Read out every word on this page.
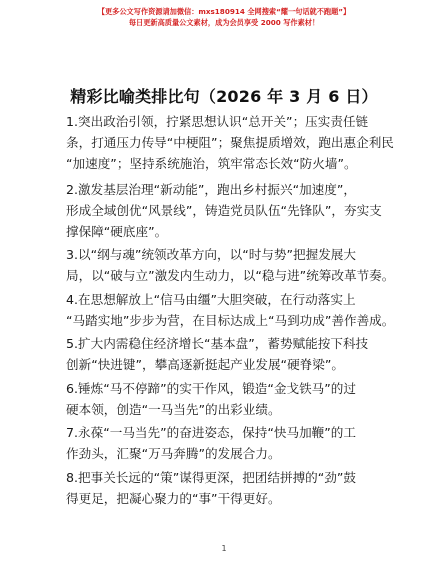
【更多公文写作资源请加微信：mxs180914 全网搜索“耀一句话就不跑题”】
每日更新高质量公文素材，成为会员享受 2000 写作素材！
精彩比喻类排比句（2026 年 3 月 6 日）
1.突出政治引领，拧紧思想认识“总开关”；压实责任链
条，打通压力传导“中梗阻”；聚焦提质增效，跑出惠企利民
“加速度”；坚持系统施治，筑牢常态长效“防火墙”。
2.激发基层治理“新动能”，跑出乡村振兴“加速度”，
形成全域创优“风景线”，铸造党员队伍“先锋队”，夯实支
撑保障“硬底座”。
3.以“纲与魂”统领改革方向，以“时与势”把握发展大
局，以“破与立”激发内生动力，以“稳与进”统筹改革节奏。
4.在思想解放上“信马由缰”大胆突破，在行动落实上
“马踏实地”步步为营，在目标达成上“马到功成”善作善成。
5.扩大内需稳住经济增长“基本盘”，蓄势赋能按下科技
创新“快进键”，攀高逐新挺起产业发展“硬脊梁”。
6.锤炼“马不停蹄”的实干作风，锻造“金戈铁马”的过
硬本领，创造“一马当先”的出彩业绩。
7.永葆“一马当先”的奋进姿态，保持“快马加鞭”的工
作劲头，汇聚“万马奔腾”的发展合力。
8.把事关长远的“策”谋得更深，把团结拼搏的“劲”鼓
得更足，把凝心聚力的“事”干得更好。
1
